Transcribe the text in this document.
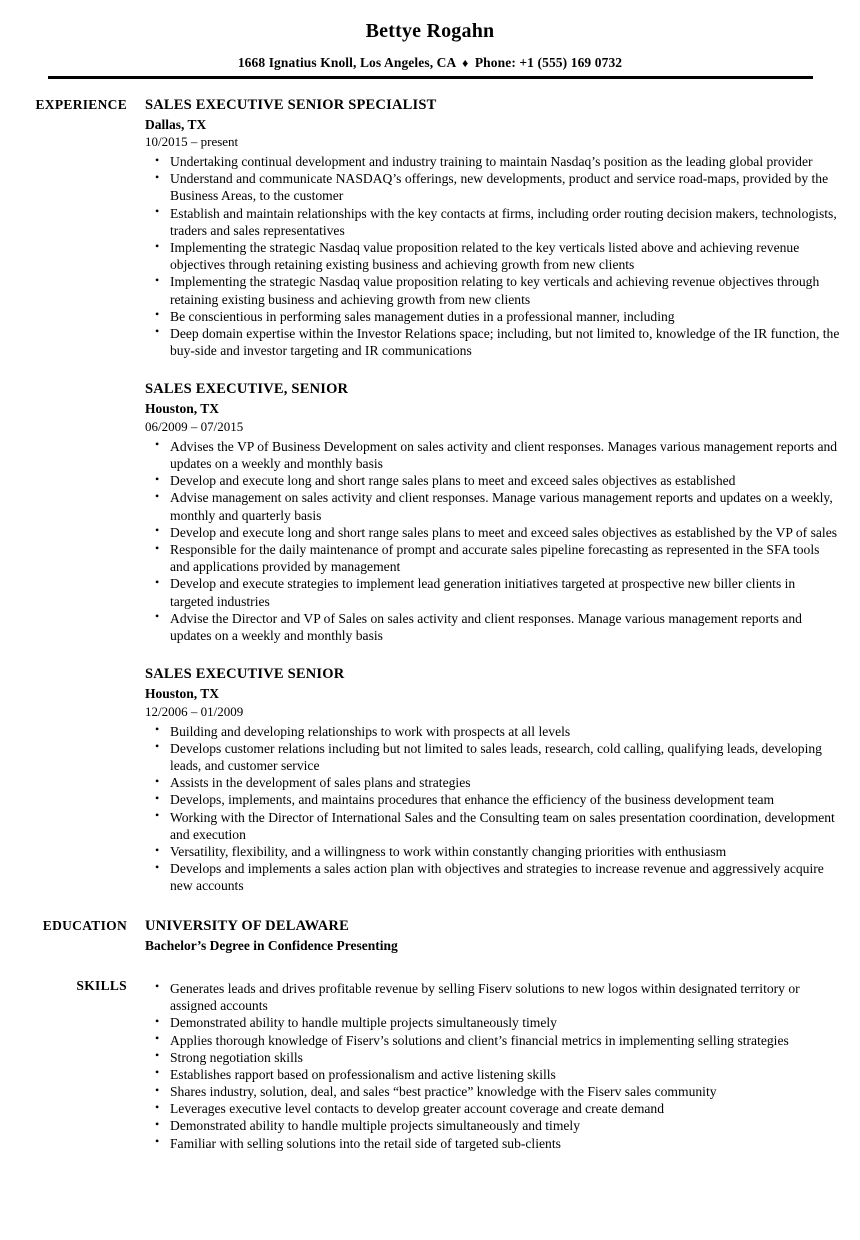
Bettye Rogahn
1668 Ignatius Knoll, Los Angeles, CA ♦ Phone: +1 (555) 169 0732
EXPERIENCE	SALES EXECUTIVE SENIOR SPECIALIST
Dallas, TX
10/2015 – present
• Undertaking continual development and industry training to maintain Nasdaq’s position as the leading global provider
• Understand and communicate NASDAQ’s offerings, new developments, product and service road-maps, provided by the Business Areas, to the customer
• Establish and maintain relationships with the key contacts at firms, including order routing decision makers, technologists, traders and sales representatives
• Implementing the strategic Nasdaq value proposition related to the key verticals listed above and achieving revenue objectives through retaining existing business and achieving growth from new clients
• Implementing the strategic Nasdaq value proposition relating to key verticals and achieving revenue objectives through retaining existing business and achieving growth from new clients
• Be conscientious in performing sales management duties in a professional manner, including
• Deep domain expertise within the Investor Relations space; including, but not limited to, knowledge of the IR function, the buy-side and investor targeting and IR communications
SALES EXECUTIVE, SENIOR
Houston, TX
06/2009 – 07/2015
• Advises the VP of Business Development on sales activity and client responses. Manages various management reports and updates on a weekly and monthly basis
• Develop and execute long and short range sales plans to meet and exceed sales objectives as established
• Advise management on sales activity and client responses. Manage various management reports and updates on a weekly, monthly and quarterly basis
• Develop and execute long and short range sales plans to meet and exceed sales objectives as established by the VP of sales
• Responsible for the daily maintenance of prompt and accurate sales pipeline forecasting as represented in the SFA tools and applications provided by management
• Develop and execute strategies to implement lead generation initiatives targeted at prospective new biller clients in targeted industries
• Advise the Director and VP of Sales on sales activity and client responses. Manage various management reports and updates on a weekly and monthly basis
SALES EXECUTIVE SENIOR
Houston, TX
12/2006 – 01/2009
• Building and developing relationships to work with prospects at all levels
• Develops customer relations including but not limited to sales leads, research, cold calling, qualifying leads, developing leads, and customer service
• Assists in the development of sales plans and strategies
• Develops, implements, and maintains procedures that enhance the efficiency of the business development team
• Working with the Director of International Sales and the Consulting team on sales presentation coordination, development and execution
• Versatility, flexibility, and a willingness to work within constantly changing priorities with enthusiasm
• Develops and implements a sales action plan with objectives and strategies to increase revenue and aggressively acquire new accounts
EDUCATION	UNIVERSITY OF DELAWARE
Bachelor’s Degree in Confidence Presenting
SKILLS	• Generates leads and drives profitable revenue by selling Fiserv solutions to new logos within designated territory or assigned accounts
• Demonstrated ability to handle multiple projects simultaneously timely
• Applies thorough knowledge of Fiserv’s solutions and client’s financial metrics in implementing selling strategies
• Strong negotiation skills
• Establishes rapport based on professionalism and active listening skills
• Shares industry, solution, deal, and sales “best practice” knowledge with the Fiserv sales community
• Leverages executive level contacts to develop greater account coverage and create demand
• Demonstrated ability to handle multiple projects simultaneously and timely
• Familiar with selling solutions into the retail side of targeted sub-clients
